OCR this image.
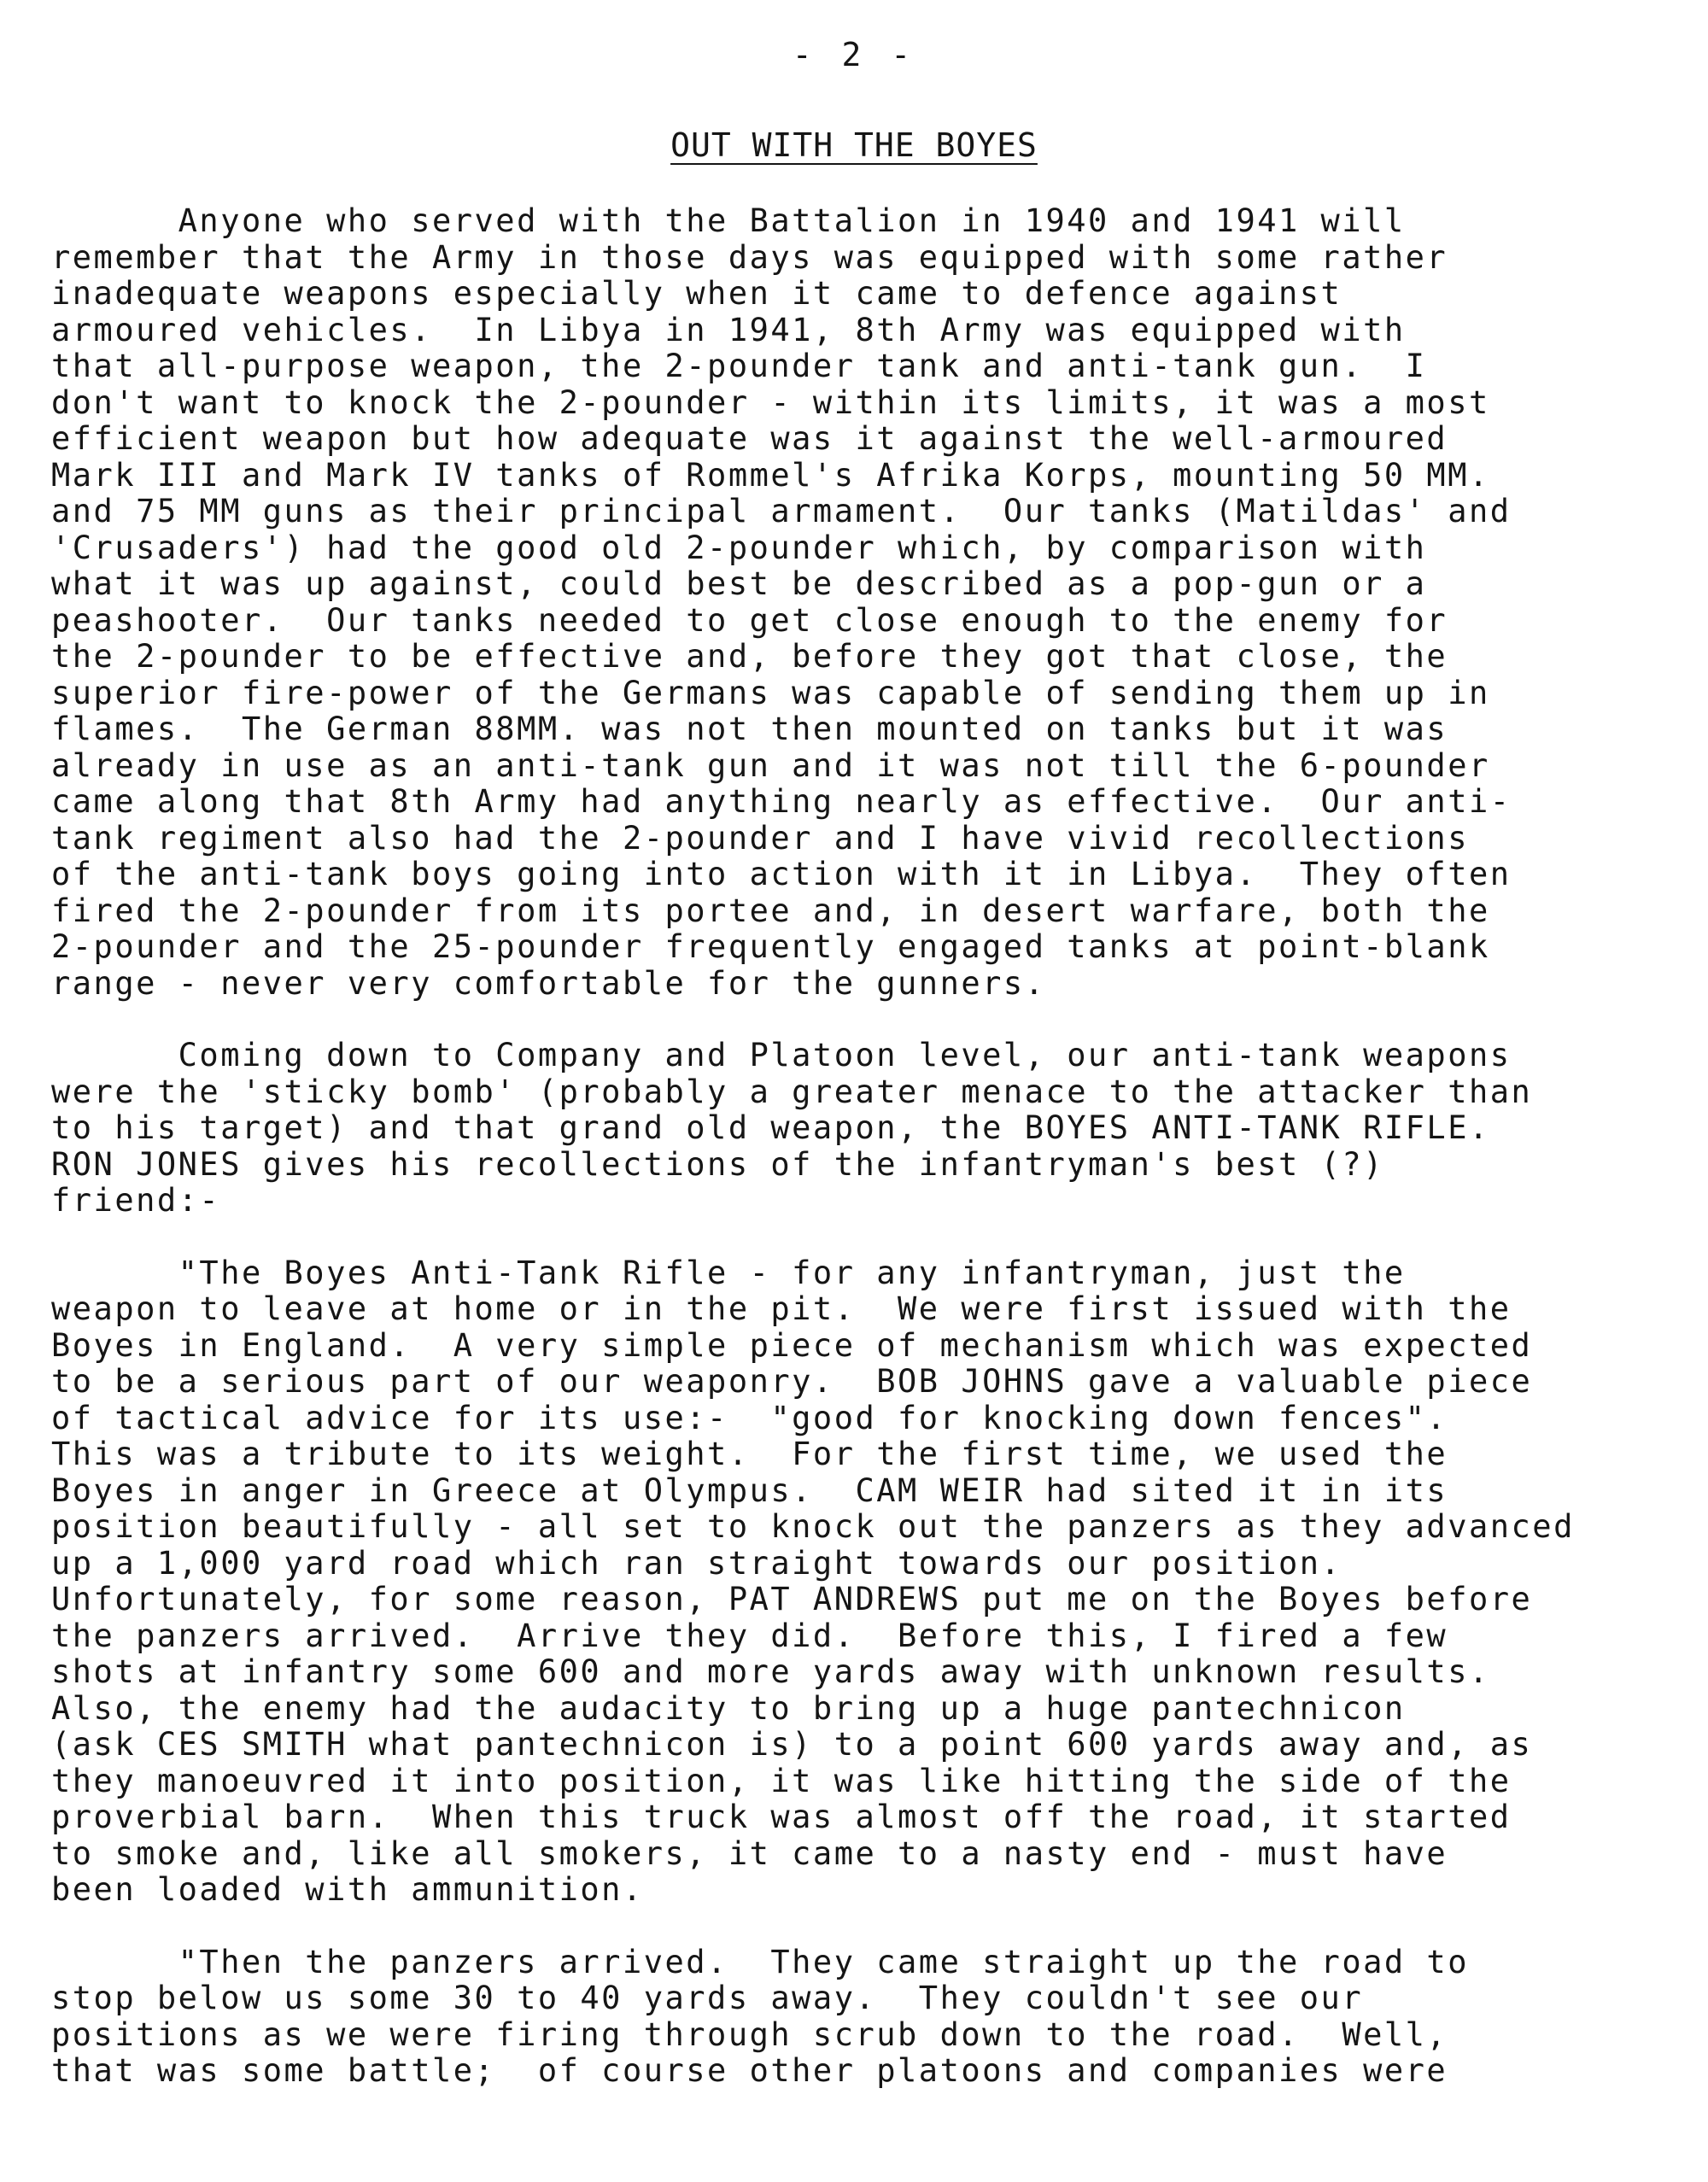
- 2 -
OUT WITH THE BOYES
Anyone who served with the Battalion in 1940 and 1941 will
remember that the Army in those days was equipped with some rather
inadequate weapons especially when it came to defence against
armoured vehicles.  In Libya in 1941, 8th Army was equipped with
that all-purpose weapon, the 2-pounder tank and anti-tank gun.  I
don't want to knock the 2-pounder - within its limits, it was a most
efficient weapon but how adequate was it against the well-armoured
Mark III and Mark IV tanks of Rommel's Afrika Korps, mounting 50 MM.
and 75 MM guns as their principal armament.  Our tanks (Matildas' and
'Crusaders') had the good old 2-pounder which, by comparison with
what it was up against, could best be described as a pop-gun or a
peashooter.  Our tanks needed to get close enough to the enemy for
the 2-pounder to be effective and, before they got that close, the
superior fire-power of the Germans was capable of sending them up in
flames.  The German 88MM. was not then mounted on tanks but it was
already in use as an anti-tank gun and it was not till the 6-pounder
came along that 8th Army had anything nearly as effective.  Our anti-
tank regiment also had the 2-pounder and I have vivid recollections
of the anti-tank boys going into action with it in Libya.  They often
fired the 2-pounder from its portee and, in desert warfare, both the
2-pounder and the 25-pounder frequently engaged tanks at point-blank
range - never very comfortable for the gunners.
Coming down to Company and Platoon level, our anti-tank weapons
were the 'sticky bomb' (probably a greater menace to the attacker than
to his target) and that grand old weapon, the BOYES ANTI-TANK RIFLE.
RON JONES gives his recollections of the infantryman's best (?)
friend:-
"The Boyes Anti-Tank Rifle - for any infantryman, just the
weapon to leave at home or in the pit.  We were first issued with the
Boyes in England.  A very simple piece of mechanism which was expected
to be a serious part of our weaponry.  BOB JOHNS gave a valuable piece
of tactical advice for its use:-  "good for knocking down fences".
This was a tribute to its weight.  For the first time, we used the
Boyes in anger in Greece at Olympus.  CAM WEIR had sited it in its
position beautifully - all set to knock out the panzers as they advanced
up a 1,000 yard road which ran straight towards our position.
Unfortunately, for some reason, PAT ANDREWS put me on the Boyes before
the panzers arrived.  Arrive they did.  Before this, I fired a few
shots at infantry some 600 and more yards away with unknown results.
Also, the enemy had the audacity to bring up a huge pantechnicon
(ask CES SMITH what pantechnicon is) to a point 600 yards away and, as
they manoeuvred it into position, it was like hitting the side of the
proverbial barn.  When this truck was almost off the road, it started
to smoke and, like all smokers, it came to a nasty end - must have
been loaded with ammunition.
"Then the panzers arrived.  They came straight up the road to
stop below us some 30 to 40 yards away.  They couldn't see our
positions as we were firing through scrub down to the road.  Well,
that was some battle;  of course other platoons and companies were
